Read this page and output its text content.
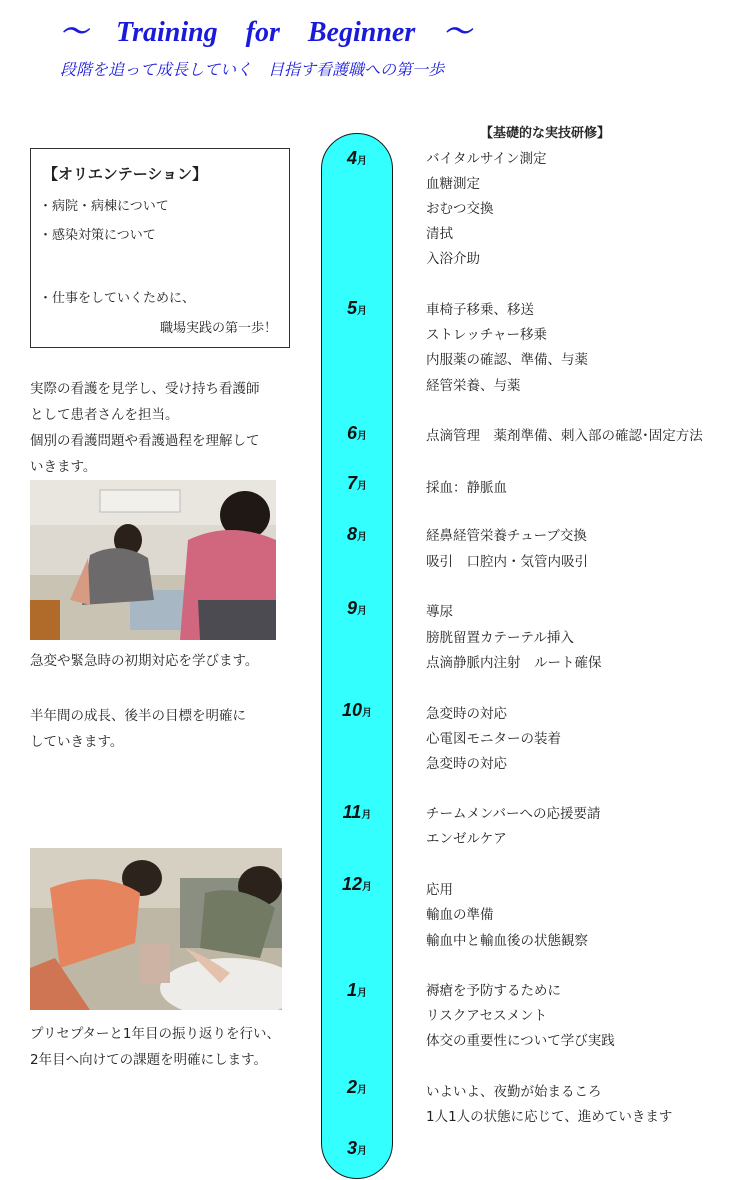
～　Training　for　Beginner　～
段階を追って成長していく　目指す看護職への第一歩
【オリエンテーション】
・病院・病棟について
・感染対策について
・仕事をしていくために、
職場実践の第一歩！
実際の看護を見学し、受け持ち看護師
として患者さんを担当。
個別の看護問題や看護過程を理解して
いきます。
急変や緊急時の初期対応を学びます。
半年間の成長、後半の目標を明確に
していきます。
プリセプターと1年目の振り返りを行い、
2年目へ向けての課題を明確にします。
【基礎的な実技研修】
4月	バイタルサイン測定
血糖測定
おむつ交換
清拭
入浴介助
5月	車椅子移乗、移送
ストレッチャー移乗
内服薬の確認、準備、与薬
経管栄養、与薬
6月	点滴管理　薬剤準備、刺入部の確認･固定方法
7月	採血：静脈血
8月	経鼻経管栄養チューブ交換
吸引　口腔内・気管内吸引
9月	導尿
膀胱留置カテーテル挿入
点滴静脈内注射　ルート確保
10月	急変時の対応
心電図モニターの装着
急変時の対応
11月	チームメンバーへの応援要請
エンゼルケア
12月	応用
輸血の準備
輸血中と輸血後の状態観察
1月	褥瘡を予防するために
リスクアセスメント
体交の重要性について学び実践
2月	いよいよ、夜勤が始まるころ
1人1人の状態に応じて、進めていきます
3月
